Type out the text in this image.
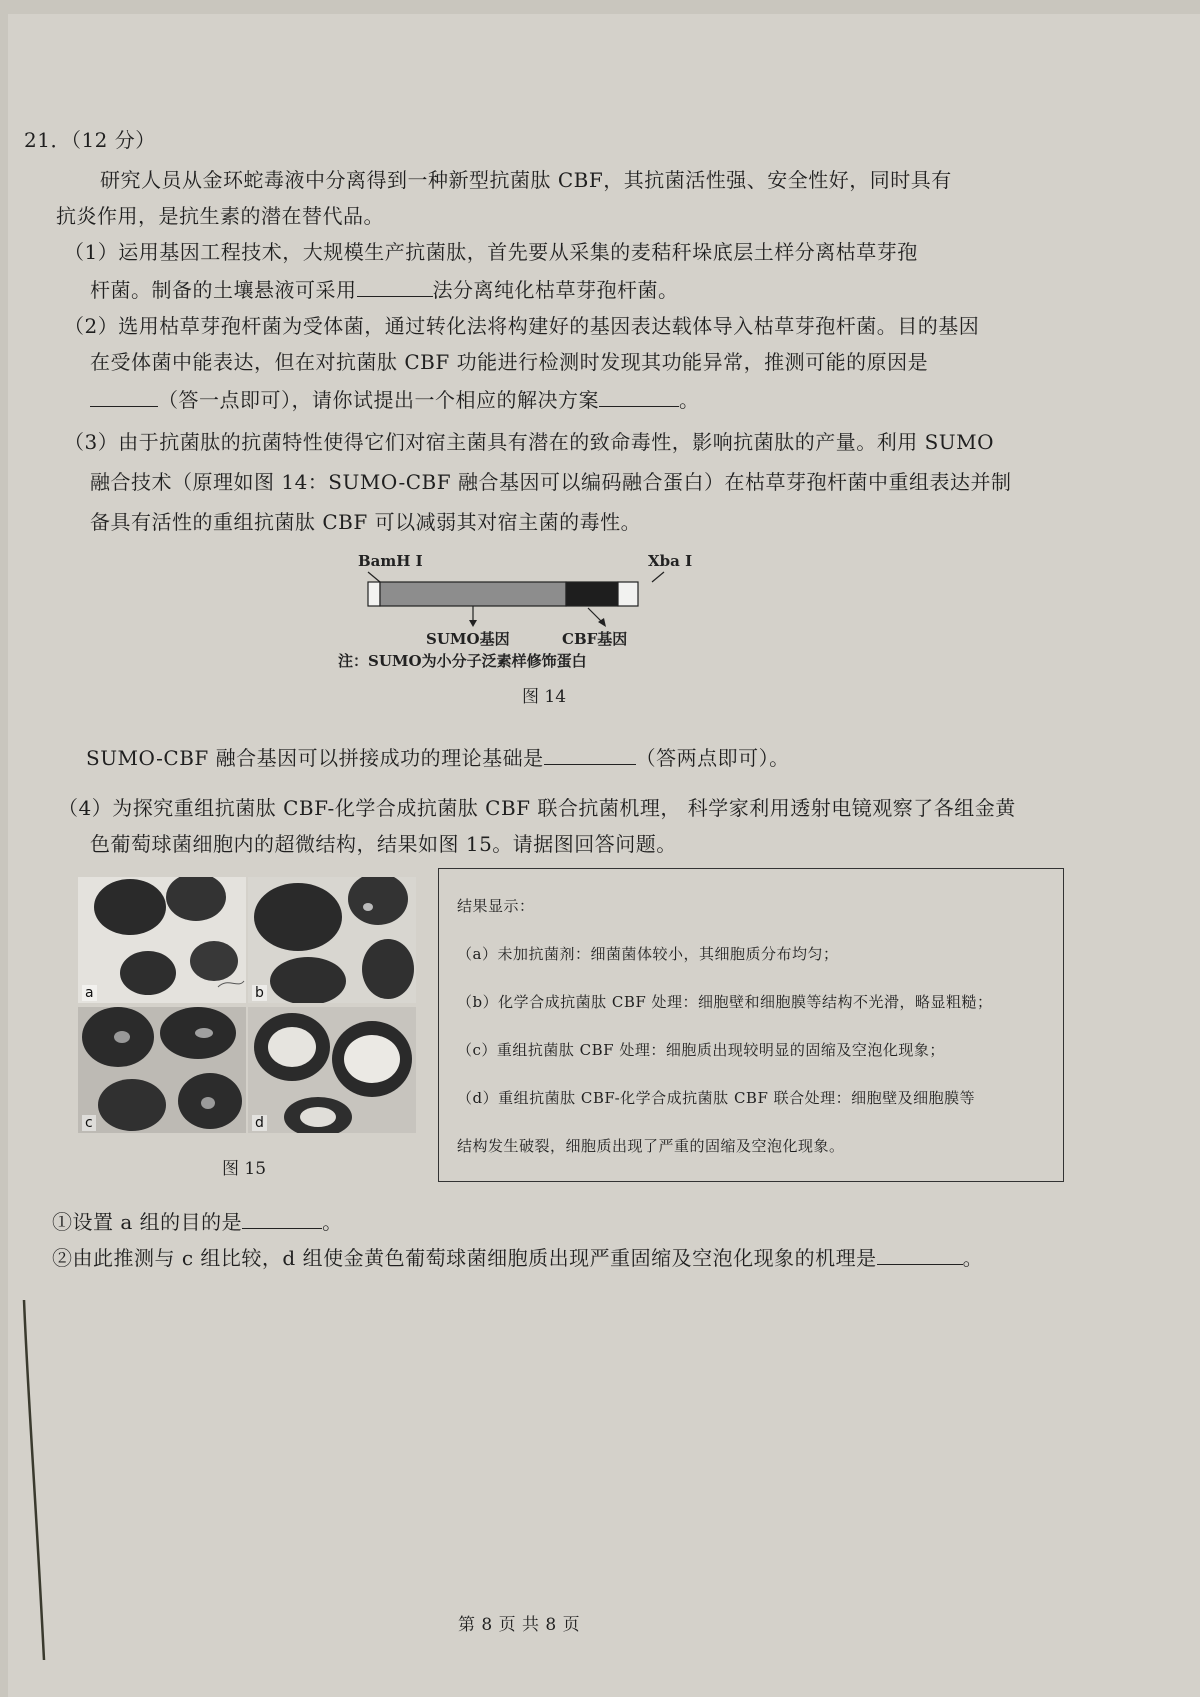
21．（12 分）
研究人员从金环蛇毒液中分离得到一种新型抗菌肽 CBF，其抗菌活性强、安全性好，同时具有
抗炎作用，是抗生素的潜在替代品。
（1）运用基因工程技术，大规模生产抗菌肽，首先要从采集的麦秸秆垛底层土样分离枯草芽孢
杆菌。制备的土壤悬液可采用	法分离纯化枯草芽孢杆菌。
（2）选用枯草芽孢杆菌为受体菌，通过转化法将构建好的基因表达载体导入枯草芽孢杆菌。目的基因
在受体菌中能表达，但在对抗菌肽 CBF 功能进行检测时发现其功能异常，推测可能的原因是
（答一点即可），请你试提出一个相应的解决方案	。
（3）由于抗菌肽的抗菌特性使得它们对宿主菌具有潜在的致命毒性，影响抗菌肽的产量。利用 SUMO
融合技术（原理如图 14：SUMO-CBF 融合基因可以编码融合蛋白）在枯草芽孢杆菌中重组表达并制
备具有活性的重组抗菌肽 CBF 可以减弱其对宿主菌的毒性。
BamH Ⅰ	Xba Ⅰ
SUMO基因	CBF基因
注：SUMO为小分子泛素样修饰蛋白
图 14
SUMO-CBF 融合基因可以拼接成功的理论基础是	（答两点即可）。
（4）为探究重组抗菌肽 CBF-化学合成抗菌肽 CBF 联合抗菌机理， 科学家利用透射电镜观察了各组金黄
色葡萄球菌细胞内的超微结构，结果如图 15。请据图回答问题。
a	b
c	d
图 15
结果显示：
（a）未加抗菌剂：细菌菌体较小，其细胞质分布均匀；
（b）化学合成抗菌肽 CBF 处理：细胞壁和细胞膜等结构不光滑，略显粗糙；
（c）重组抗菌肽 CBF 处理：细胞质出现较明显的固缩及空泡化现象；
（d）重组抗菌肽 CBF-化学合成抗菌肽 CBF 联合处理：细胞壁及细胞膜等
结构发生破裂，细胞质出现了严重的固缩及空泡化现象。
①设置 a 组的目的是	。
②由此推测与 c 组比较，d 组使金黄色葡萄球菌细胞质出现严重固缩及空泡化现象的机理是	。
第 8 页 共 8 页
